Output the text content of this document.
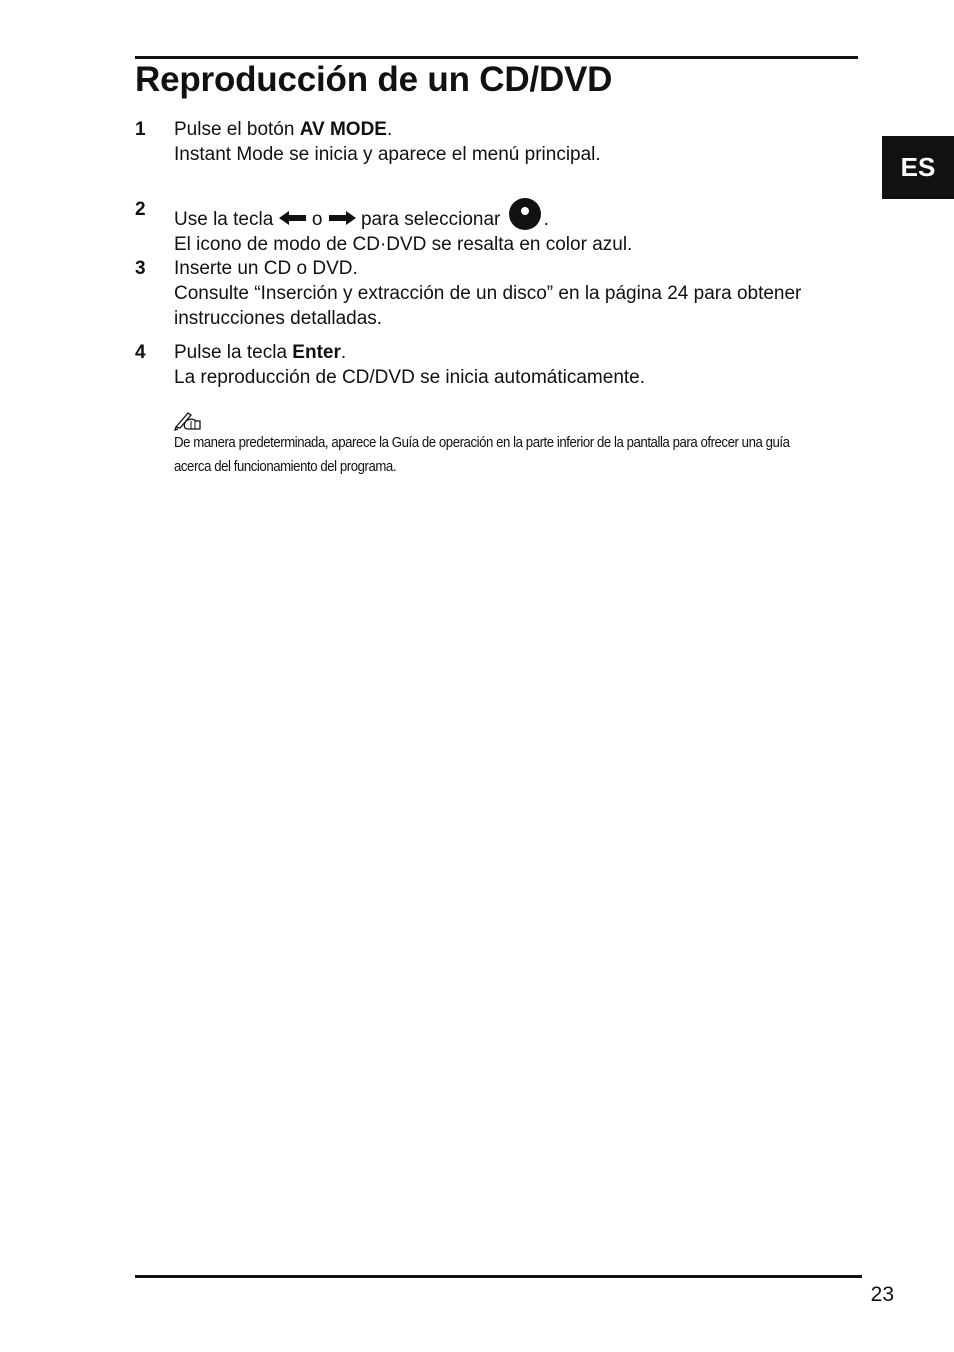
Reproducción de un CD/DVD
ES
1	Pulse el botón AV MODE.
Instant Mode se inicia y aparece el menú principal.
2	Use la tecla  o  para seleccionar .
El icono de modo de CD·DVD se resalta en color azul.
3	Inserte un CD o DVD.
Consulte “Inserción y extracción de un disco” en la página 24 para obtener instrucciones detalladas.
4	Pulse la tecla Enter.
La reproducción de CD/DVD se inicia automáticamente.
De manera predeterminada, aparece la Guía de operación en la parte inferior de la pantalla para ofrecer una guía acerca del funcionamiento del programa.
23
